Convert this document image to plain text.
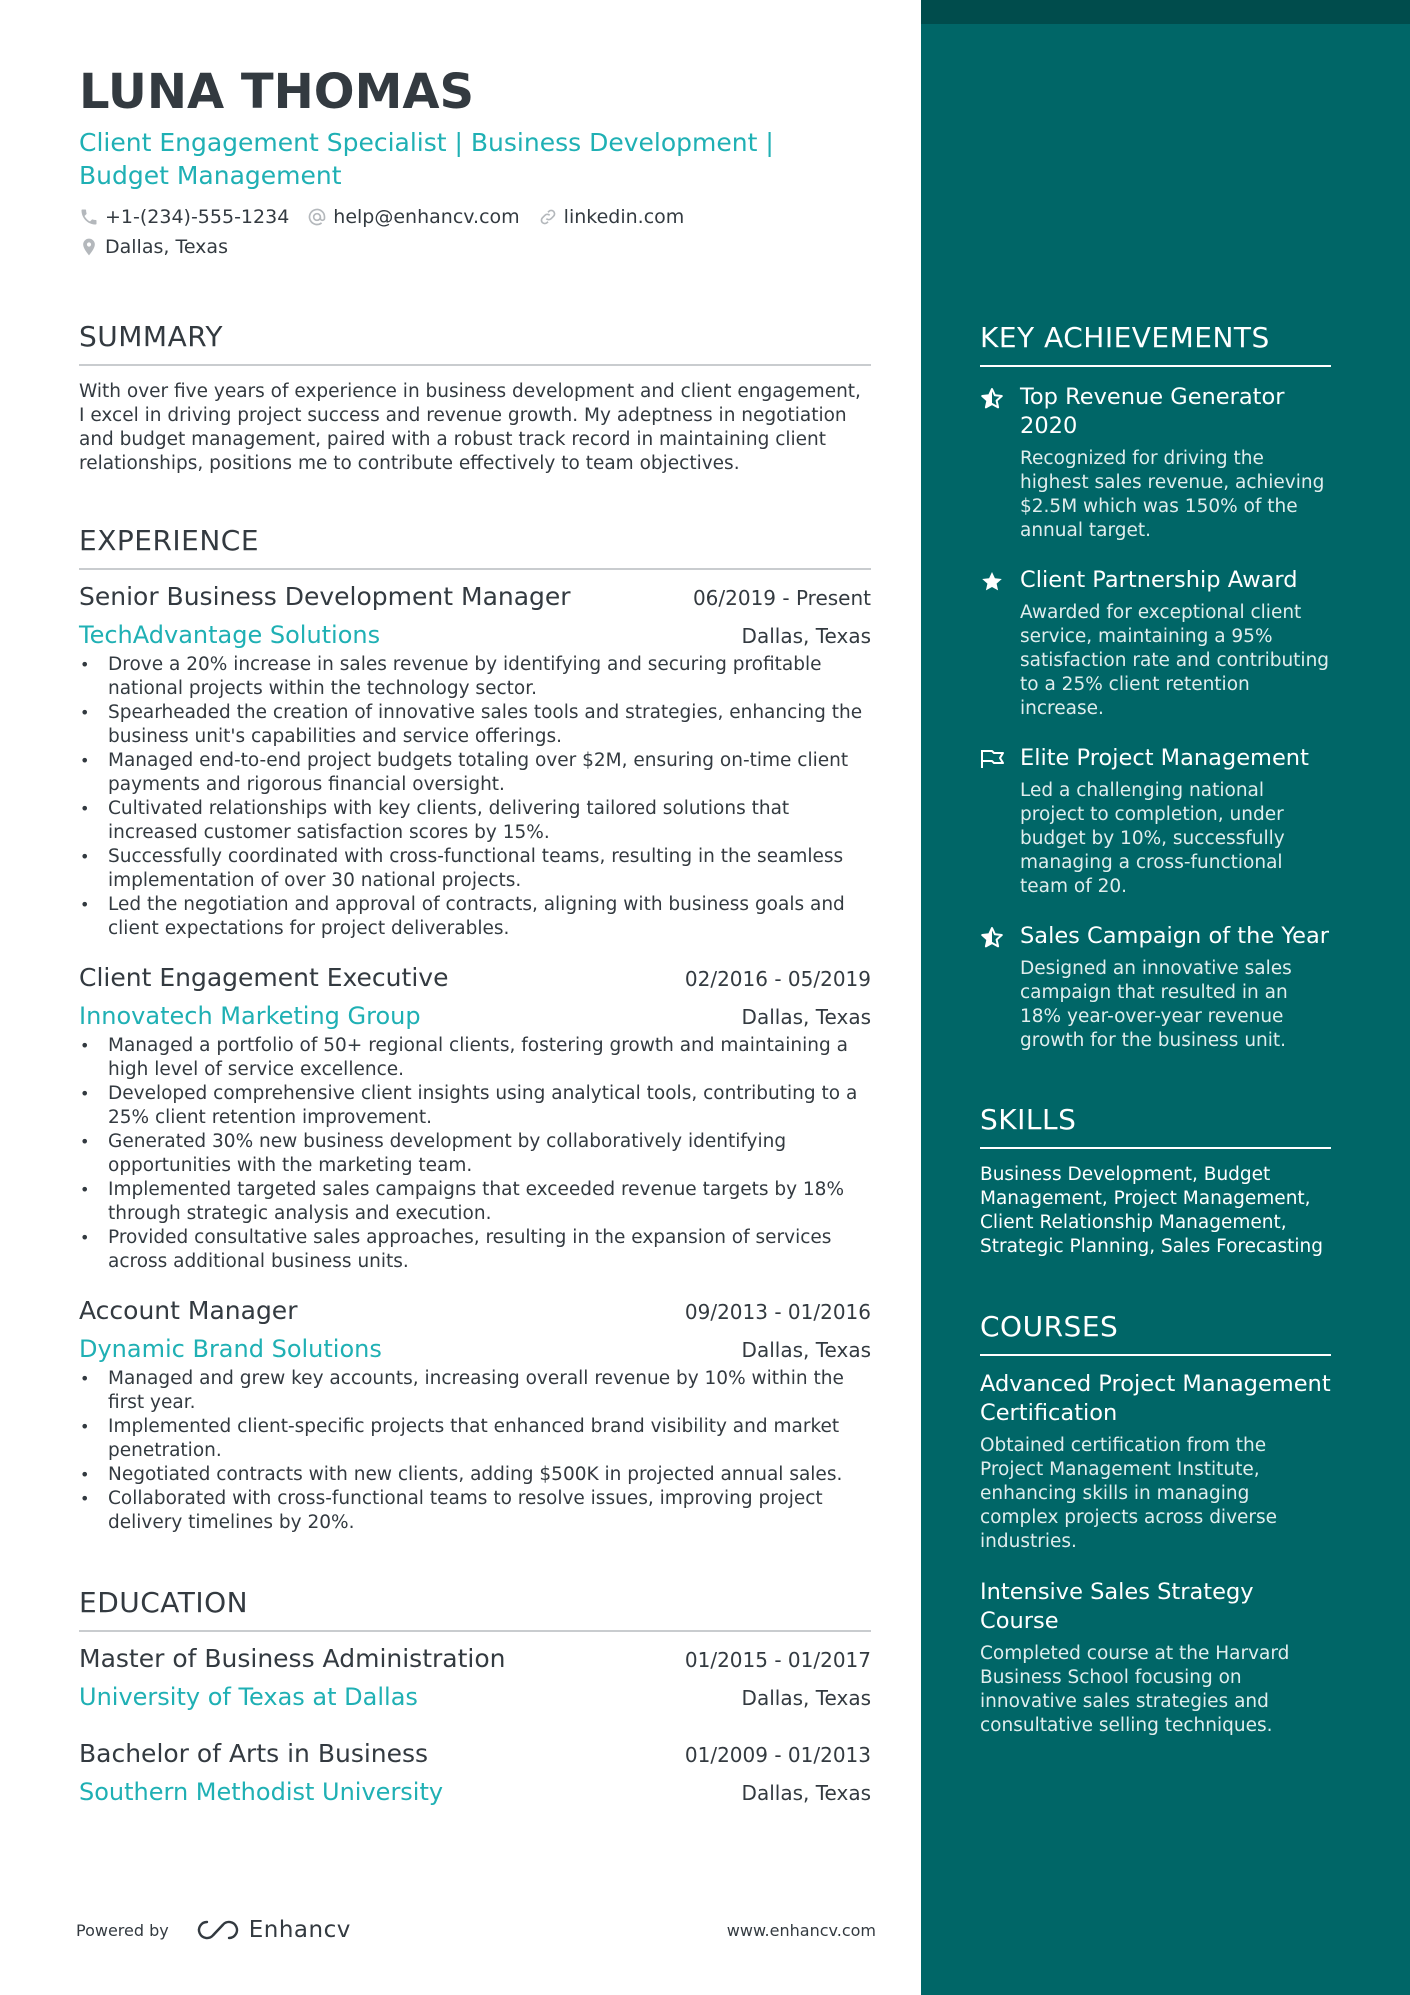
LUNA THOMAS
Client Engagement Specialist | Business Development | Budget Management
+1-(234)-555-1234 help@enhancv.com linkedin.com
Dallas, Texas
SUMMARY
With over five years of experience in business development and client engagement, I excel in driving project success and revenue growth. My adeptness in negotiation and budget management, paired with a robust track record in maintaining client relationships, positions me to contribute effectively to team objectives.
EXPERIENCE
Senior Business Development Manager	06/2019 - Present
TechAdvantage Solutions	Dallas, Texas
• Drove a 20% increase in sales revenue by identifying and securing profitable national projects within the technology sector.
• Spearheaded the creation of innovative sales tools and strategies, enhancing the business unit's capabilities and service offerings.
• Managed end-to-end project budgets totaling over $2M, ensuring on-time client payments and rigorous financial oversight.
• Cultivated relationships with key clients, delivering tailored solutions that increased customer satisfaction scores by 15%.
• Successfully coordinated with cross-functional teams, resulting in the seamless implementation of over 30 national projects.
• Led the negotiation and approval of contracts, aligning with business goals and client expectations for project deliverables.
Client Engagement Executive	02/2016 - 05/2019
Innovatech Marketing Group	Dallas, Texas
• Managed a portfolio of 50+ regional clients, fostering growth and maintaining a high level of service excellence.
• Developed comprehensive client insights using analytical tools, contributing to a 25% client retention improvement.
• Generated 30% new business development by collaboratively identifying opportunities with the marketing team.
• Implemented targeted sales campaigns that exceeded revenue targets by 18% through strategic analysis and execution.
• Provided consultative sales approaches, resulting in the expansion of services across additional business units.
Account Manager	09/2013 - 01/2016
Dynamic Brand Solutions	Dallas, Texas
• Managed and grew key accounts, increasing overall revenue by 10% within the first year.
• Implemented client-specific projects that enhanced brand visibility and market penetration.
• Negotiated contracts with new clients, adding $500K in projected annual sales.
• Collaborated with cross-functional teams to resolve issues, improving project delivery timelines by 20%.
EDUCATION
Master of Business Administration	01/2015 - 01/2017
University of Texas at Dallas	Dallas, Texas
Bachelor of Arts in Business	01/2009 - 01/2013
Southern Methodist University	Dallas, Texas
KEY ACHIEVEMENTS
Top Revenue Generator 2020
Recognized for driving the highest sales revenue, achieving $2.5M which was 150% of the annual target.
Client Partnership Award
Awarded for exceptional client service, maintaining a 95% satisfaction rate and contributing to a 25% client retention increase.
Elite Project Management
Led a challenging national project to completion, under budget by 10%, successfully managing a cross-functional team of 20.
Sales Campaign of the Year
Designed an innovative sales campaign that resulted in an 18% year-over-year revenue growth for the business unit.
SKILLS
Business Development, Budget Management, Project Management, Client Relationship Management, Strategic Planning, Sales Forecasting
COURSES
Advanced Project Management Certification
Obtained certification from the Project Management Institute, enhancing skills in managing complex projects across diverse industries.
Intensive Sales Strategy Course
Completed course at the Harvard Business School focusing on innovative sales strategies and consultative selling techniques.
Powered by	Enhancv	www.enhancv.com
